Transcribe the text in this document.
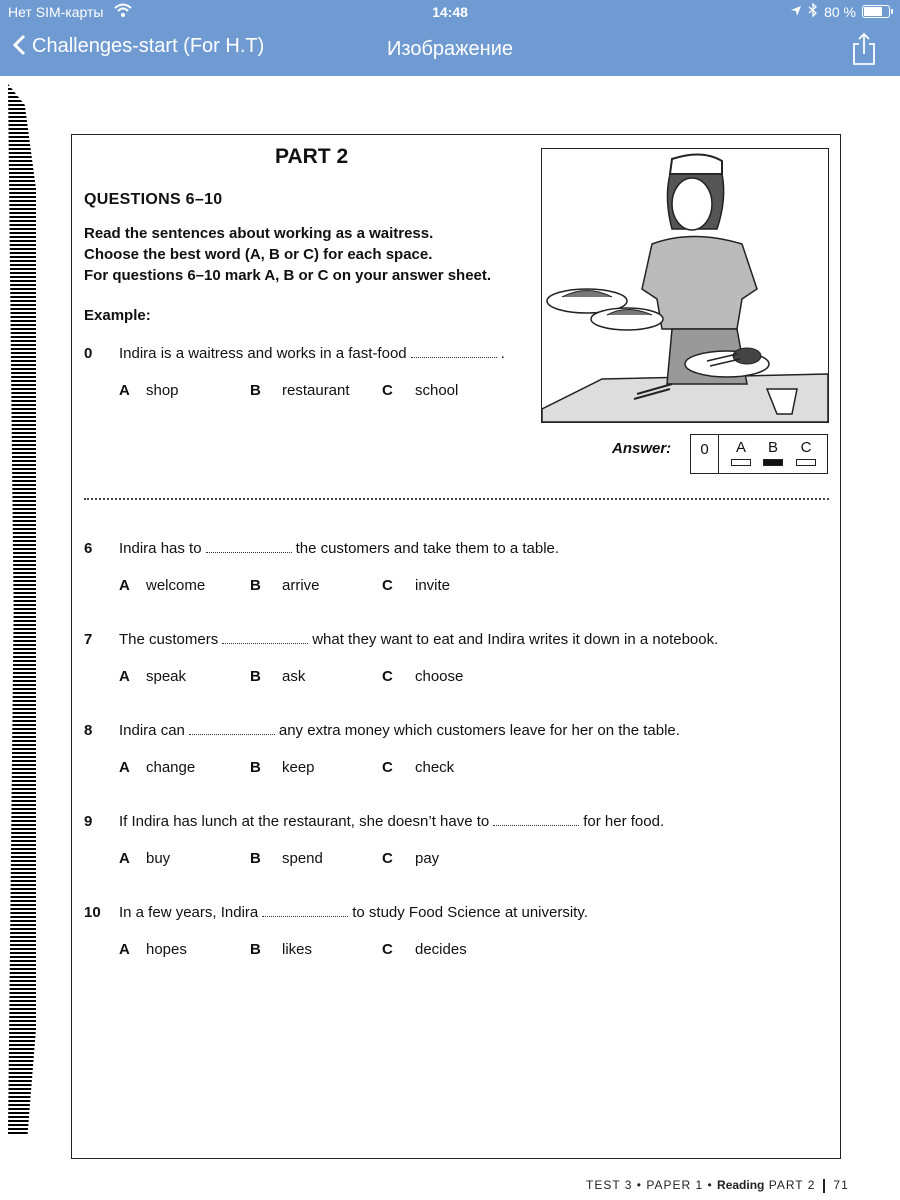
Нет SIM-карты	14:48	80 %
Challenges-start (For H.T)	Изображение
PART 2
QUESTIONS 6–10
Read the sentences about working as a waitress.
Choose the best word (A, B or C) for each space.
For questions 6–10 mark A, B or C on your answer sheet.
Example:
0 Indira is a waitress and works in a fast-food	.
A shop	B restaurant C school
Answer:	0	A	B	C
6 Indira has to	the customers and take them to a table.
A welcome	B arrive	C invite
7 The customers	what they want to eat and Indira writes it down in a notebook.
A speak	B ask	C choose
8 Indira can	any extra money which customers leave for her on the table.
A change	B keep	C check
9 If Indira has lunch at the restaurant, she doesn’t have to	for her food.
A buy	B spend	C pay
10 In a few years, Indira	to study Food Science at university.
A hopes	B likes	C decides
TEST 3 • PAPER 1 • Reading PART 2 71
